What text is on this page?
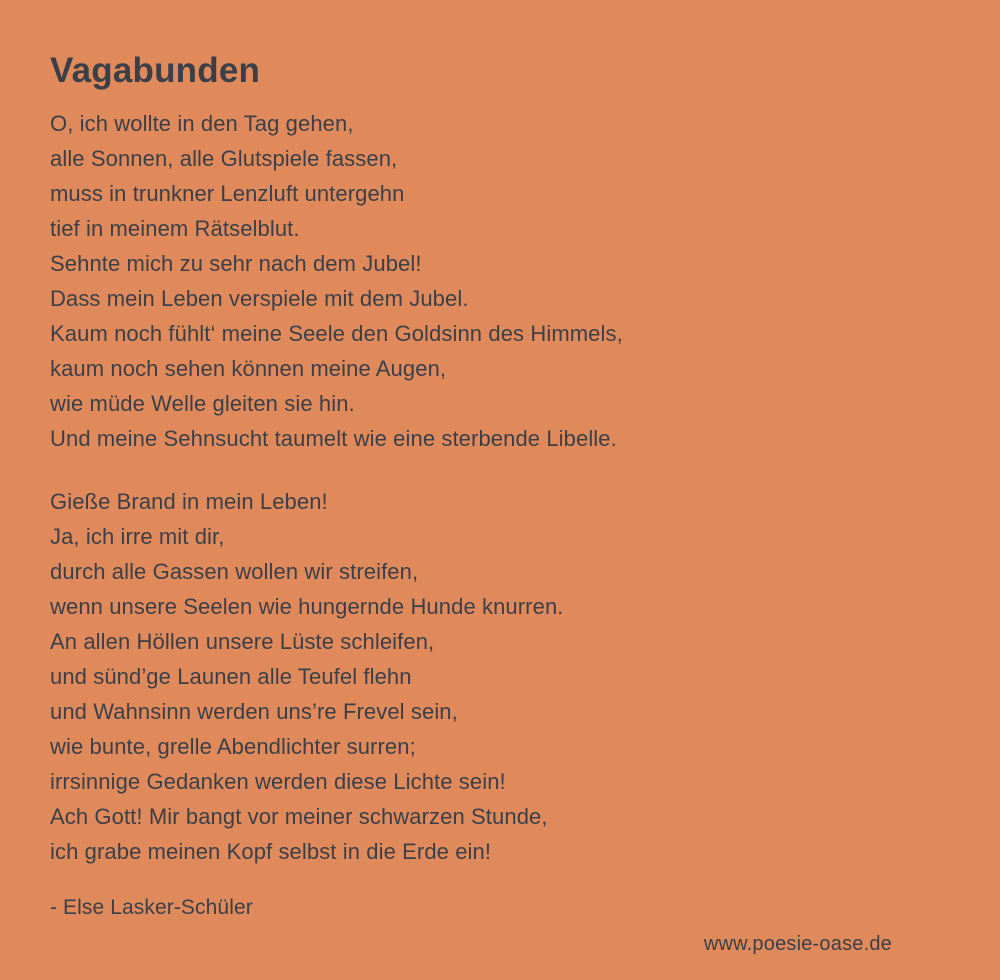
Vagabunden
O, ich wollte in den Tag gehen,
alle Sonnen, alle Glutspiele fassen,
muss in trunkner Lenzluft untergehn
tief in meinem Rätselblut.
Sehnte mich zu sehr nach dem Jubel!
Dass mein Leben verspiele mit dem Jubel.
Kaum noch fühlt‘ meine Seele den Goldsinn des Himmels,
kaum noch sehen können meine Augen,
wie müde Welle gleiten sie hin.
Und meine Sehnsucht taumelt wie eine sterbende Libelle.
Gieße Brand in mein Leben!
Ja, ich irre mit dir,
durch alle Gassen wollen wir streifen,
wenn unsere Seelen wie hungernde Hunde knurren.
An allen Höllen unsere Lüste schleifen,
und sünd’ge Launen alle Teufel flehn
und Wahnsinn werden uns’re Frevel sein,
wie bunte, grelle Abendlichter surren;
irrsinnige Gedanken werden diese Lichte sein!
Ach Gott! Mir bangt vor meiner schwarzen Stunde,
ich grabe meinen Kopf selbst in die Erde ein!
- Else Lasker-Schüler
www.poesie-oase.de
